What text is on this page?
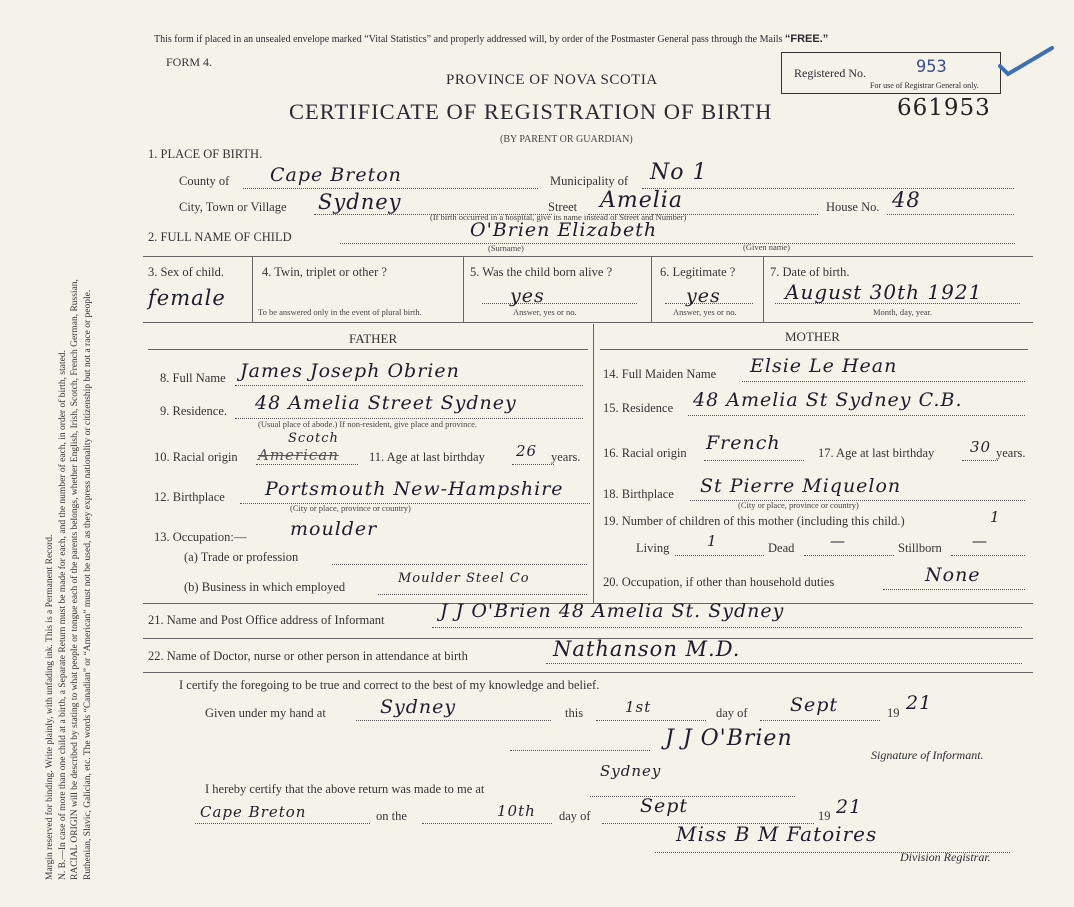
Margin reserved for binding. Write plainly, with unfading ink. This is a Permanent Record. N. B.—In case of more than one child at a birth, a Separate Return must be made for each, and the number of each, in order of birth, stated. RACIAL ORIGIN will be described by stating to what people or tongue each of the parents belongs, whether English, Irish, Scotch, French German, Russian, Ruthenian, Slavic, Galician, etc. The words “Canadian” or “American” must not be used, as they express nationality or citizenship but not a race or people.
This form if placed in an unsealed envelope marked “Vital Statistics” and properly addressed will, by order of the Postmaster General pass through the Mails “FREE.”
FORM 4.
PROVINCE OF NOVA SCOTIA
CERTIFICATE OF REGISTRATION OF BIRTH
(BY PARENT OR GUARDIAN)
Registered No.	953
For use of Registrar General only.
661953
1. PLACE OF BIRTH.
County of Cape Breton	Municipality of No 1
City, Town or Village Sydney	Street Amelia	House No. 48
(If birth occurred in a hospital, give its name instead of Street and Number)
2. FULL NAME OF CHILD	O'Brien Elizabeth
(Surname)	(Given name)
3. Sex of child.
female
4. Twin, triplet or other ?
To be answered only in the event of plural birth.
5. Was the child born alive ?
yes
Answer, yes or no.
6. Legitimate ?
yes
Answer, yes or no.
7. Date of birth.
August 30th 1921
Month, day, year.
FATHER	MOTHER
8. Full Name James Joseph Obrien
9. Residence. 48 Amelia Street Sydney
(Usual place of abode.) If non-resident, give place and province.
10. Racial origin
Scotch
American 11. Age at last birthday 26 years.
12. Birthplace Portsmouth New-Hampshire
(City or place, province or country)
13. Occupation:— moulder
(a) Trade or profession
(b) Business in which employed
Moulder Steel Co
14. Full Maiden Name Elsie Le Hean
15. Residence 48 Amelia St Sydney C.B.
16. Racial origin French	17. Age at last birthday 30 years.
18. Birthplace St Pierre Miquelon
(City or place, province or country)
19. Number of children of this mother (including this child.)	1
Living	1	Dead —	Stillborn —
20. Occupation, if other than household duties	None
21. Name and Post Office address of Informant	J J O'Brien 48 Amelia St. Sydney
22. Name of Doctor, nurse or other person in attendance at birth	Nathanson M.D.
I certify the foregoing to be true and correct to the best of my knowledge and belief.
Given under my hand at	Sydney	this	1st	day of Sept	19 21
J J O'Brien
Signature of Informant.
I hereby certify that the above return was made to me at
Sydney
Cape Breton	on the	10th day of	Sept	19 21
Miss B M Fatoires
Division Registrar.
